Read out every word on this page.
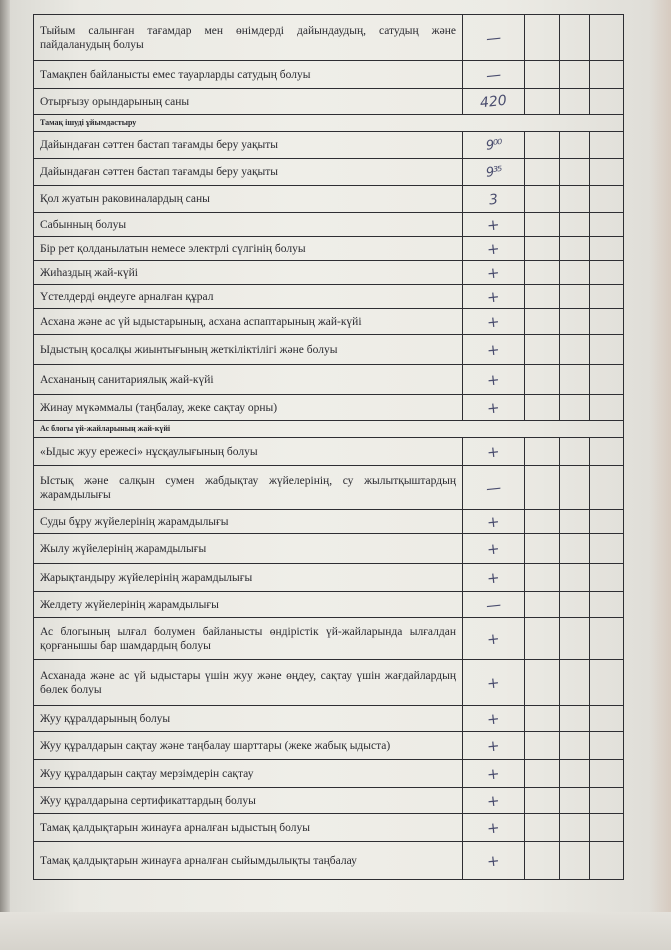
Тыйым салынған тағамдар мен өнімдерді дайындаудың, сатудың және пайдаланудың болуы	—			
Тамақпен байланысты емес тауарларды сатудың болуы	—			
Отырғызу орындарының саны	420			
Тамақ ішуді ұйымдастыру				
Дайындаған сәттен бастап тағамды беру уақыты	9⁰⁰			
Дайындаған сәттен бастап тағамды беру уақыты	9³⁵			
Қол жуатын раковиналардың саны	3			
Сабынның болуы	+			
Бір рет қолданылатын немесе электрлі сүлгінің болуы	+			
Жиһаздың жай-күйі	+			
Үстелдерді өңдеуге арналған құрал	+			
Асхана және ас үй ыдыстарының, асхана аспаптарының жай-күйі	+			
Ыдыстың қосалқы жиынтығының жеткіліктілігі және болуы	+			
Асхананың санитариялық жай-күйі	+			
Жинау мүкәммалы (таңбалау, жеке сақтау орны)	+			
Ас блогы үй-жайларының жай-күйі				
«Ыдыс жуу ережесі» нұсқаулығының болуы	+			
Ыстық және салқын сумен жабдықтау жүйелерінің, су жылытқыштардың жарамдылығы	—			
Суды бұру жүйелерінің жарамдылығы	+			
Жылу жүйелерінің жарамдылығы	+			
Жарықтандыру жүйелерінің жарамдылығы	+			
Желдету жүйелерінің жарамдылығы	—			
Ас блогының ылғал болумен байланысты өндірістік үй-жайларында ылғалдан қорғанышы бар шамдардың болуы	+			
Асханада және ас үй ыдыстары үшін жуу және өңдеу, сақтау үшін жағдайлардың бөлек болуы	+			
Жуу құралдарының болуы	+			
Жуу құралдарын сақтау және таңбалау шарттары (жеке жабық ыдыста)	+			
Жуу құралдарын сақтау мерзімдерін сақтау	+			
Жуу құралдарына сертификаттардың болуы	+			
Тамақ қалдықтарын жинауға арналған ыдыстың болуы	+			
Тамақ қалдықтарын жинауға арналған сыйымдылықты таңбалау	+			
